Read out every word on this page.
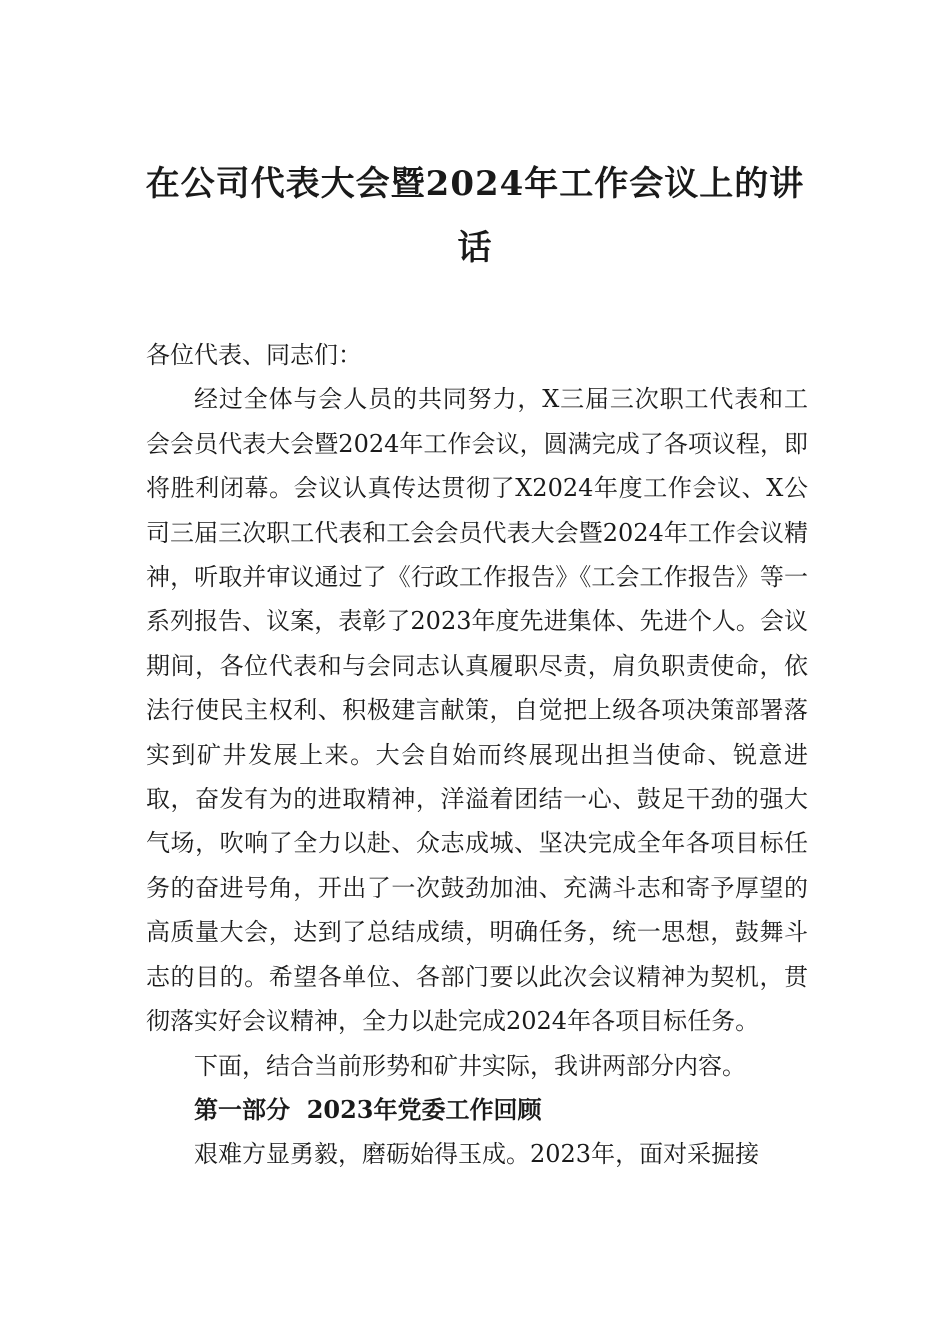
在公司代表大会暨2024年工作会议上的讲话

各位代表、同志们：

经过全体与会人员的共同努力，X三届三次职工代表和工会会员代表大会暨2024年工作会议，圆满完成了各项议程，即将胜利闭幕。会议认真传达贯彻了X2024年度工作会议、X公司三届三次职工代表和工会会员代表大会暨2024年工作会议精神，听取并审议通过了《行政工作报告》《工会工作报告》等一系列报告、议案，表彰了2023年度先进集体、先进个人。会议期间，各位代表和与会同志认真履职尽责，肩负职责使命，依法行使民主权利、积极建言献策，自觉把上级各项决策部署落实到矿井发展上来。大会自始而终展现出担当使命、锐意进取，奋发有为的进取精神，洋溢着团结一心、鼓足干劲的强大气场，吹响了全力以赴、众志成城、坚决完成全年各项目标任务的奋进号角，开出了一次鼓劲加油、充满斗志和寄予厚望的高质量大会，达到了总结成绩，明确任务，统一思想，鼓舞斗志的目的。希望各单位、各部门要以此次会议精神为契机，贯彻落实好会议精神，全力以赴完成2024年各项目标任务。

下面，结合当前形势和矿井实际，我讲两部分内容。

第一部分  2023年党委工作回顾

艰难方显勇毅，磨砺始得玉成。2023年，面对采掘接
